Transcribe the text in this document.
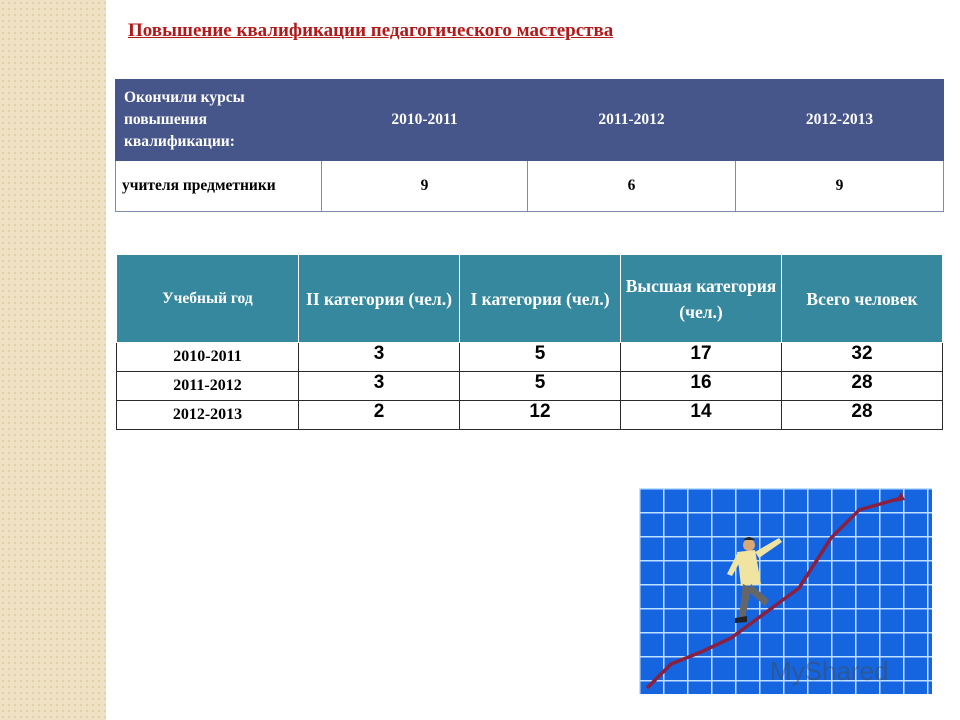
Повышение квалификации педагогического мастерства
Окончили курсы повышения квалификации:	2010-2011	2011-2012	2012-2013
учителя предметники	9	6	9
Учебный год	II категория (чел.)	I категория (чел.)	Высшая категория (чел.)	Всего человек
2010-2011	3	5	17	32
2011-2012	3	5	16	28
2012-2013	2	12	14	28
MyShared
